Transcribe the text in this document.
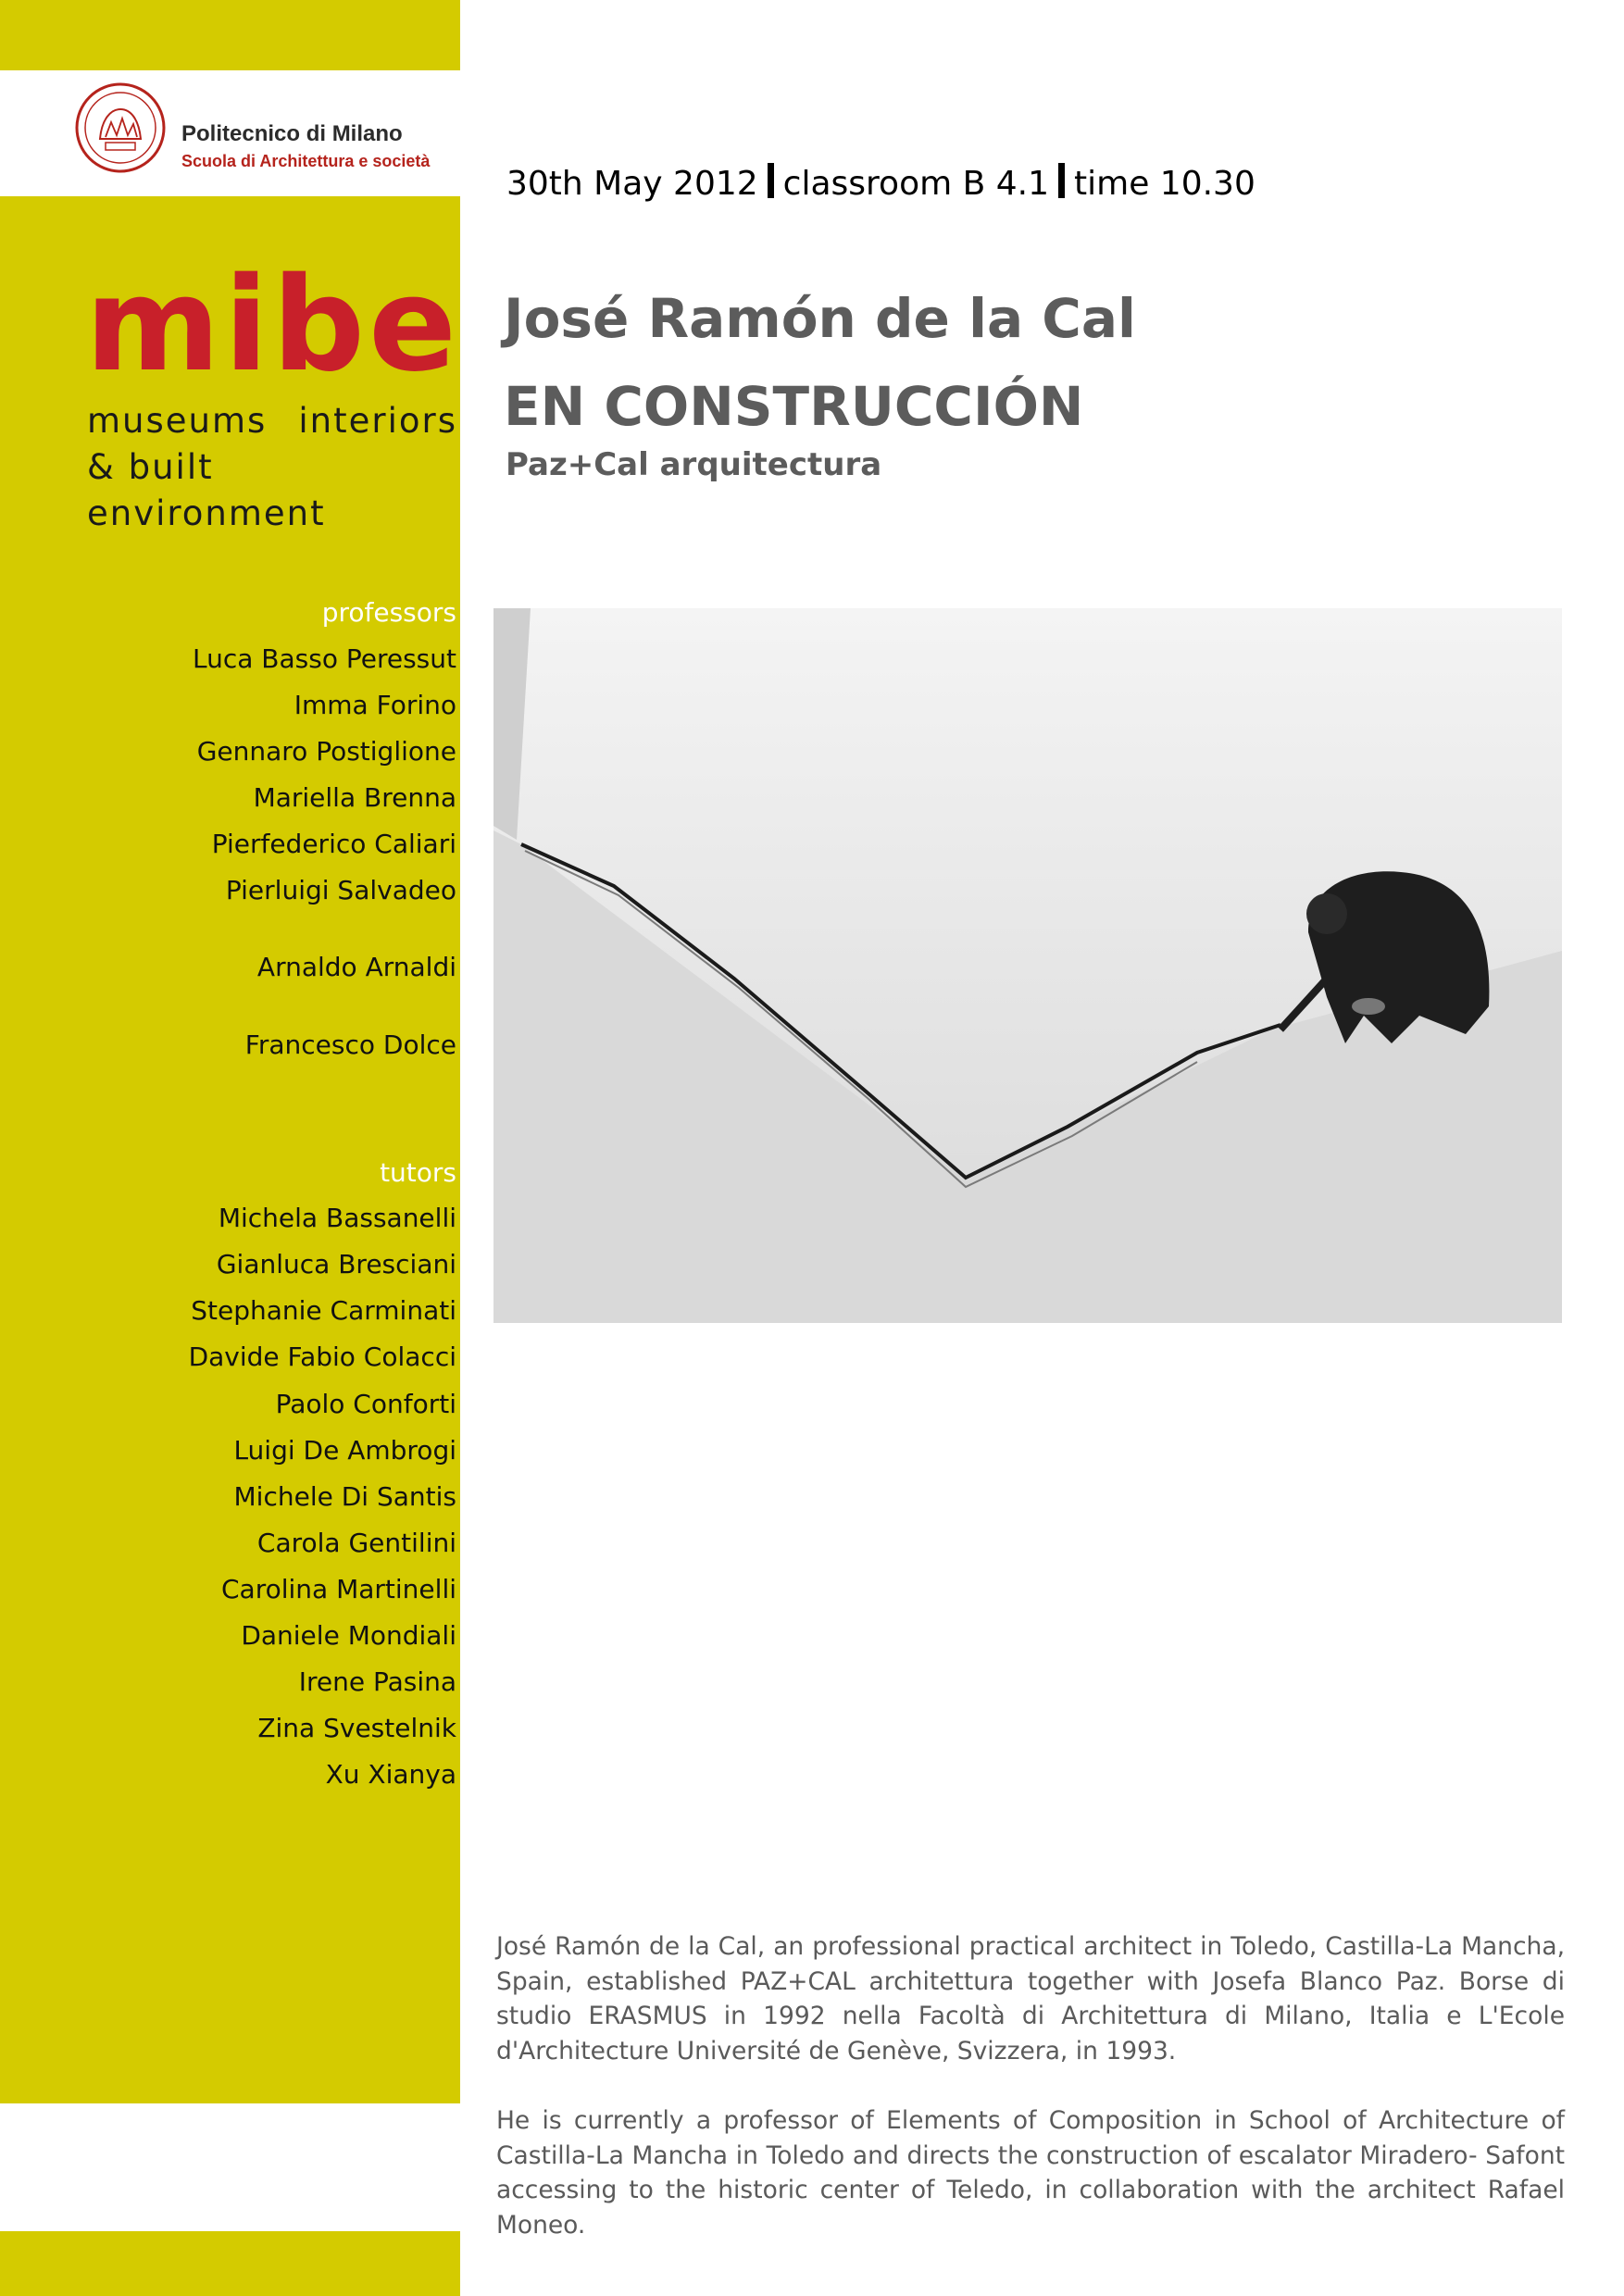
Politecnico di Milano
Scuola di Architettura e società
30th May 2012 classroom B 4.1 time 10.30
mibe
museums interiors
& built environment
José Ramón de la Cal
EN CONSTRUCCIÓN
Paz+Cal arquitectura
professors
Luca Basso Peressut
Imma Forino
Gennaro Postiglione
Mariella Brenna
Pierfederico Caliari
Pierluigi Salvadeo
Arnaldo Arnaldi
Francesco Dolce
tutors
Michela Bassanelli
Gianluca Bresciani
Stephanie Carminati
Davide Fabio Colacci
Paolo Conforti
Luigi De Ambrogi
Michele Di Santis
Carola Gentilini
Carolina Martinelli
Daniele Mondiali
Irene Pasina
Zina Svestelnik
Xu Xianya
José Ramón de la Cal, an professional practical architect in Toledo, Castilla-La Mancha, Spain, established PAZ+CAL architettura together with Josefa Blanco Paz. Borse di studio ERASMUS in 1992 nella Facoltà di Architettura di Milano, Italia e L'Ecole d'Architecture Université de Genève, Svizzera, in 1993.
He is currently a professor of Elements of Composition in School of Architecture of Castilla-La Mancha in Toledo and directs the construction of escalator Miradero- Safont accessing to the historic center of Teledo, in collaboration with the architect Rafael Moneo.
